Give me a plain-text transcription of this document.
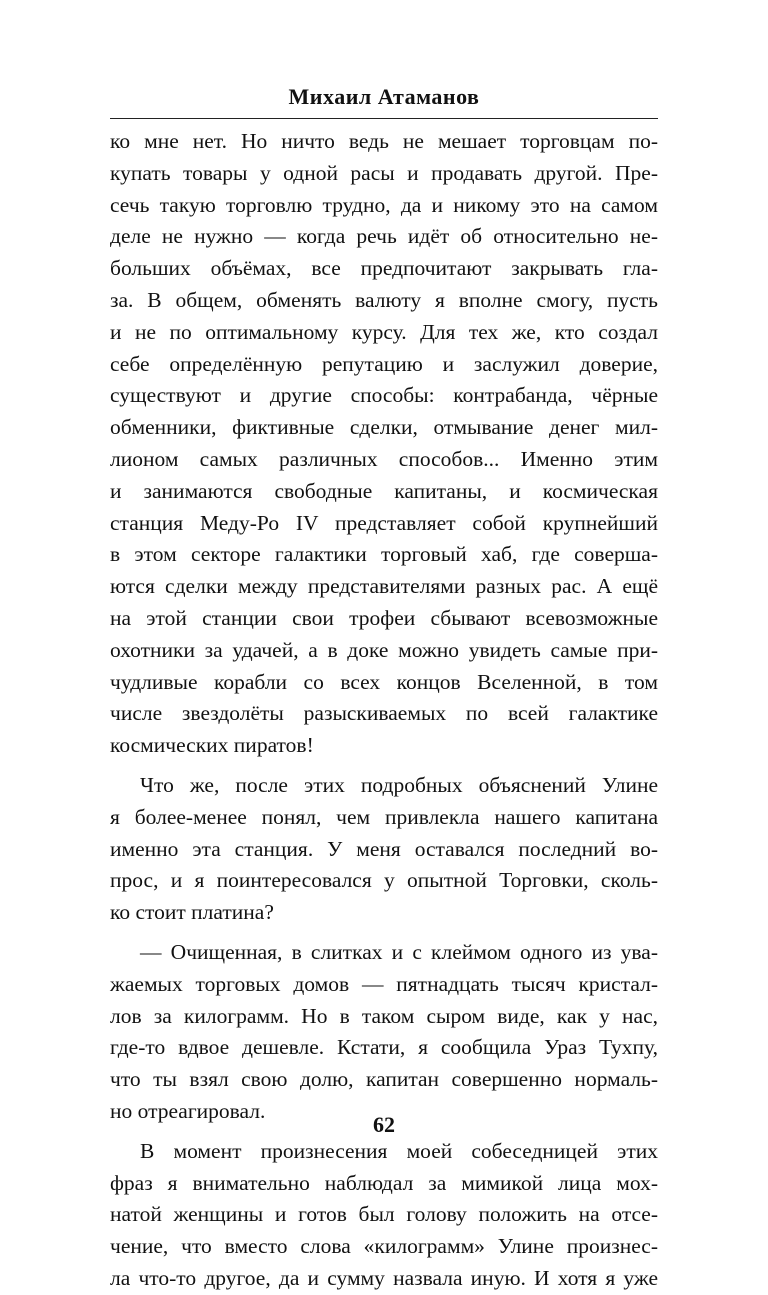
Михаил Атаманов

ко мне нет. Но ничто ведь не мешает торговцам по-
купать товары у одной расы и продавать другой. Пре-
сечь такую торговлю трудно, да и никому это на самом
деле не нужно — когда речь идёт об относительно не-
больших объёмах, все предпочитают закрывать гла-
за. В общем, обменять валюту я вполне смогу, пусть
и не по оптимальному курсу. Для тех же, кто создал
себе определённую репутацию и заслужил доверие,
существуют и другие способы: контрабанда, чёрные
обменники, фиктивные сделки, отмывание денег мил-
лионом самых различных способов... Именно этим
и занимаются свободные капитаны, и космическая
станция Меду-Ро IV представляет собой крупнейший
в этом секторе галактики торговый хаб, где соверша-
ются сделки между представителями разных рас. А ещё
на этой станции свои трофеи сбывают всевозможные
охотники за удачей, а в доке можно увидеть самые при-
чудливые корабли со всех концов Вселенной, в том
числе звездолёты разыскиваемых по всей галактике
космических пиратов!

Что же, после этих подробных объяснений Улине
я более-менее понял, чем привлекла нашего капитана
именно эта станция. У меня оставался последний во-
прос, и я поинтересовался у опытной Торговки, сколь-
ко стоит платина?

— Очищенная, в слитках и с клеймом одного из ува-
жаемых торговых домов — пятнадцать тысяч кристал-
лов за килограмм. Но в таком сыром виде, как у нас,
где-то вдвое дешевле. Кстати, я сообщила Ураз Тухпу,
что ты взял свою долю, капитан совершенно нормаль-
но отреагировал.

В момент произнесения моей собеседницей этих
фраз я внимательно наблюдал за мимикой лица мох-
натой женщины и готов был голову положить на отсе-
чение, что вместо слова «килограмм» Улине произнес-
ла что-то другое, да и сумму назвала иную. И хотя я уже

62
